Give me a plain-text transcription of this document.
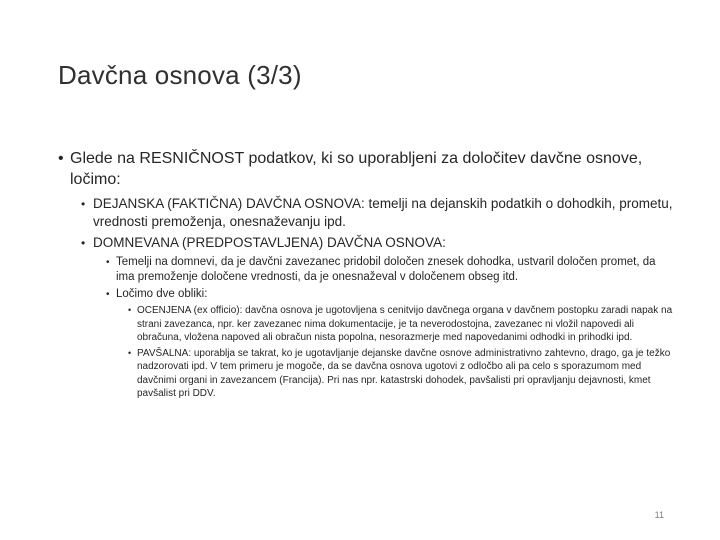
Davčna osnova (3/3)

• Glede na RESNIČNOST podatkov, ki so uporabljeni za določitev davčne osnove, ločimo:

• DEJANSKA (FAKTIČNA) DAVČNA OSNOVA: temelji na dejanskih podatkih o dohodkih, prometu, vrednosti premoženja, onesnaževanju ipd.

• DOMNEVANA (PREDPOSTAVLJENA) DAVČNA OSNOVA:

• Temelji na domnevi, da je davčni zavezanec pridobil določen znesek dohodka, ustvaril določen promet, da ima premoženje določene vrednosti, da je onesnaževal v določenem obseg itd.

• Ločimo dve obliki:

• OCENJENA (ex officio): davčna osnova je ugotovljena s cenitvijo davčnega organa v davčnem postopku zaradi napak na strani zavezanca, npr. ker zavezanec nima dokumentacije, je ta neverodostojna, zavezanec ni vložil napovedi ali obračuna, vložena napoved ali obračun nista popolna, nesorazmerje med napovedanimi odhodki in prihodki ipd.

• PAVŠALNA: uporablja se takrat, ko je ugotavljanje dejanske davčne osnove administrativno zahtevno, drago, ga je težko nadzorovati ipd. V tem primeru je mogoče, da se davčna osnova ugotovi z odločbo ali pa celo s sporazumom med davčnimi organi in zavezancem (Francija). Pri nas npr. katastrski dohodek, pavšalisti pri opravljanju dejavnosti, kmet pavšalist pri DDV.

11
